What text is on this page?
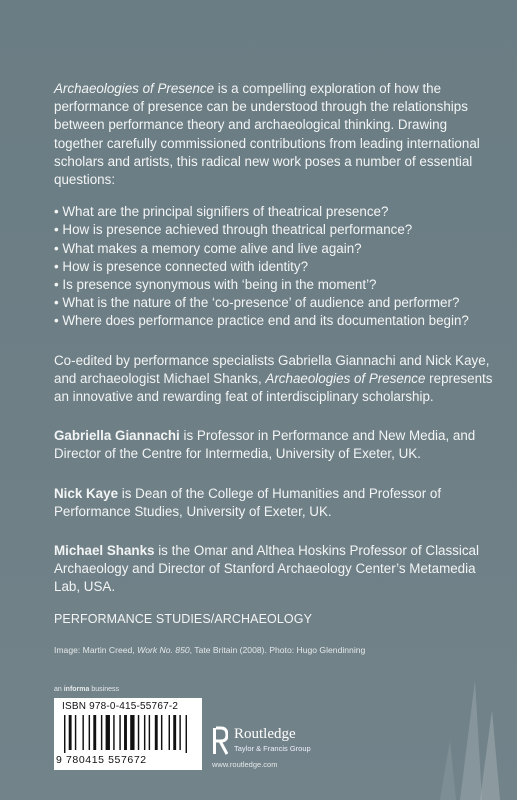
Archaeologies of Presence is a compelling exploration of how the performance of presence can be understood through the relationships between performance theory and archaeological thinking. Drawing together carefully commissioned contributions from leading international scholars and artists, this radical new work poses a number of essential questions:

• What are the principal signifiers of theatrical presence?
• How is presence achieved through theatrical performance?
• What makes a memory come alive and live again?
• How is presence connected with identity?
• Is presence synonymous with ‘being in the moment’?
• What is the nature of the ‘co-presence’ of audience and performer?
• Where does performance practice end and its documentation begin?

Co-edited by performance specialists Gabriella Giannachi and Nick Kaye, and archaeologist Michael Shanks, Archaeologies of Presence represents an innovative and rewarding feat of interdisciplinary scholarship.

Gabriella Giannachi is Professor in Performance and New Media, and Director of the Centre for Intermedia, University of Exeter, UK.

Nick Kaye is Dean of the College of Humanities and Professor of Performance Studies, University of Exeter, UK.

Michael Shanks is the Omar and Althea Hoskins Professor of Classical Archaeology and Director of Stanford Archaeology Center’s Metamedia Lab, USA.

PERFORMANCE STUDIES/ARCHAEOLOGY
Image: Martin Creed, Work No. 850, Tate Britain (2008). Photo: Hugo Glendinning
an informa business
ISBN 978-0-415-55767-2
9 780415 557672
Routledge
Taylor & Francis Group
www.routledge.com
